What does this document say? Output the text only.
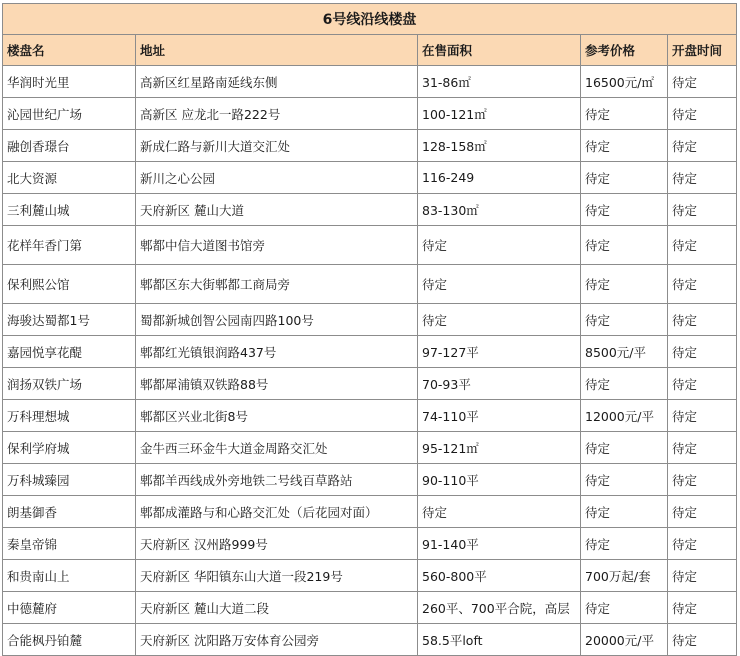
6号线沿线楼盘				
楼盘名	地址	在售面积	参考价格	开盘时间
华润时光里	高新区红星路南延线东侧	31-86㎡	16500元/㎡	待定
沁园世纪广场	高新区 应龙北一路222号	100-121㎡	待定	待定
融创香璟台	新成仁路与新川大道交汇处	128-158㎡	待定	待定
北大资源	新川之心公园	116-249	待定	待定
三利麓山城	天府新区 麓山大道	83-130㎡	待定	待定
花样年香门第	郫都中信大道图书馆旁	待定	待定	待定
保利熙公馆	郫都区东大街郫都工商局旁	待定	待定	待定
海骏达蜀都1号	蜀都新城创智公园南四路100号	待定	待定	待定
嘉园悦享花醍	郫都红光镇银润路437号	97-127平	8500元/平	待定
润扬双铁广场	郫都犀浦镇双铁路88号	70-93平	待定	待定
万科理想城	郫都区兴业北街8号	74-110平	12000元/平	待定
保利学府城	金牛西三环金牛大道金周路交汇处	95-121㎡	待定	待定
万科城臻园	郫都羊西线成外旁地铁二号线百草路站	90-110平	待定	待定
朗基御香	郫都成灌路与和心路交汇处（后花园对面）	待定	待定	待定
秦皇帝锦	天府新区 汉州路999号	91-140平	待定	待定
和贵南山上	天府新区 华阳镇东山大道一段219号	560-800平	700万起/套	待定
中德麓府	天府新区 麓山大道二段	260平、700平合院，高层	待定	待定
合能枫丹铂麓	天府新区 沈阳路万安体育公园旁	58.5平loft	20000元/平	待定
